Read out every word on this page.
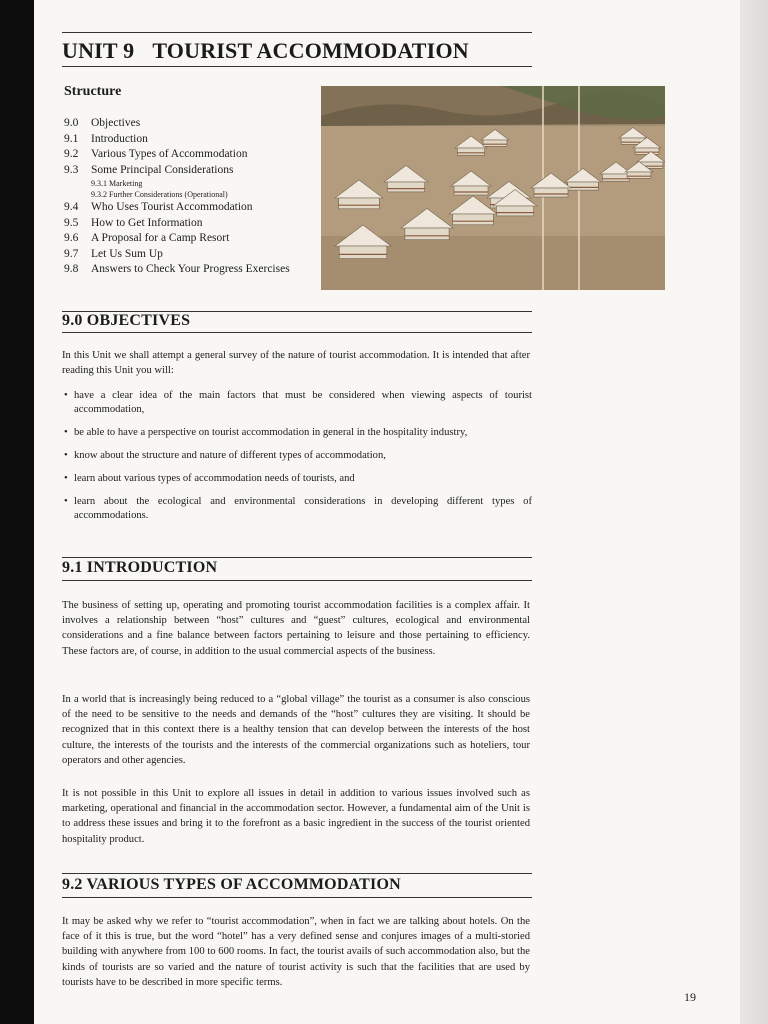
UNIT 9 TOURIST ACCOMMODATION
Structure
9.0	Objectives
9.1	Introduction
9.2	Various Types of Accommodation
9.3	Some Principal Considerations
9.3.1 Marketing
9.3.2 Further Considerations (Operational)
9.4	Who Uses Tourist Accommodation
9.5	How to Get Information
9.6	A Proposal for a Camp Resort
9.7	Let Us Sum Up
9.8	Answers to Check Your Progress Exercises
9.0 OBJECTIVES

In this Unit we shall attempt a general survey of the nature of tourist accommodation. It is intended that after reading this Unit you will:

• have a clear idea of the main factors that must be considered when viewing aspects of tourist accommodation,
• be able to have a perspective on tourist accommodation in general in the hospitality industry,
• know about the structure and nature of different types of accommodation,
• learn about various types of accommodation needs of tourists, and
• learn about the ecological and environmental considerations in developing different types of accommodations.
9.1 INTRODUCTION

The business of setting up, operating and promoting tourist accommodation facilities is a complex affair. It involves a relationship between “host” cultures and “guest” cultures, ecological and environmental considerations and a fine balance between factors pertaining to leisure and those pertaining to efficiency. These factors are, of course, in addition to the usual commercial aspects of the business.

In a world that is increasingly being reduced to a “global village” the tourist as a consumer is also conscious of the need to be sensitive to the needs and demands of the “host” cultures they are visiting. It should be recognized that in this context there is a healthy tension that can develop between the interests of the host culture, the interests of the tourists and the interests of the commercial organizations such as hoteliers, tour operators and other agencies.

It is not possible in this Unit to explore all issues in detail in addition to various issues involved such as marketing, operational and financial in the accommodation sector. However, a fundamental aim of the Unit is to address these issues and bring it to the forefront as a basic ingredient in the success of the tourist oriented hospitality product.

9.2 VARIOUS TYPES OF ACCOMMODATION

It may be asked why we refer to “tourist accommodation”, when in fact we are talking about hotels. On the face of it this is true, but the word “hotel” has a very defined sense and conjures images of a multi-storied building with anywhere from 100 to 600 rooms. In fact, the tourist avails of such accommodation also, but the kinds of tourists are so varied and the nature of tourist activity is such that the facilities that are used by tourists have to be described in more specific terms.

19
